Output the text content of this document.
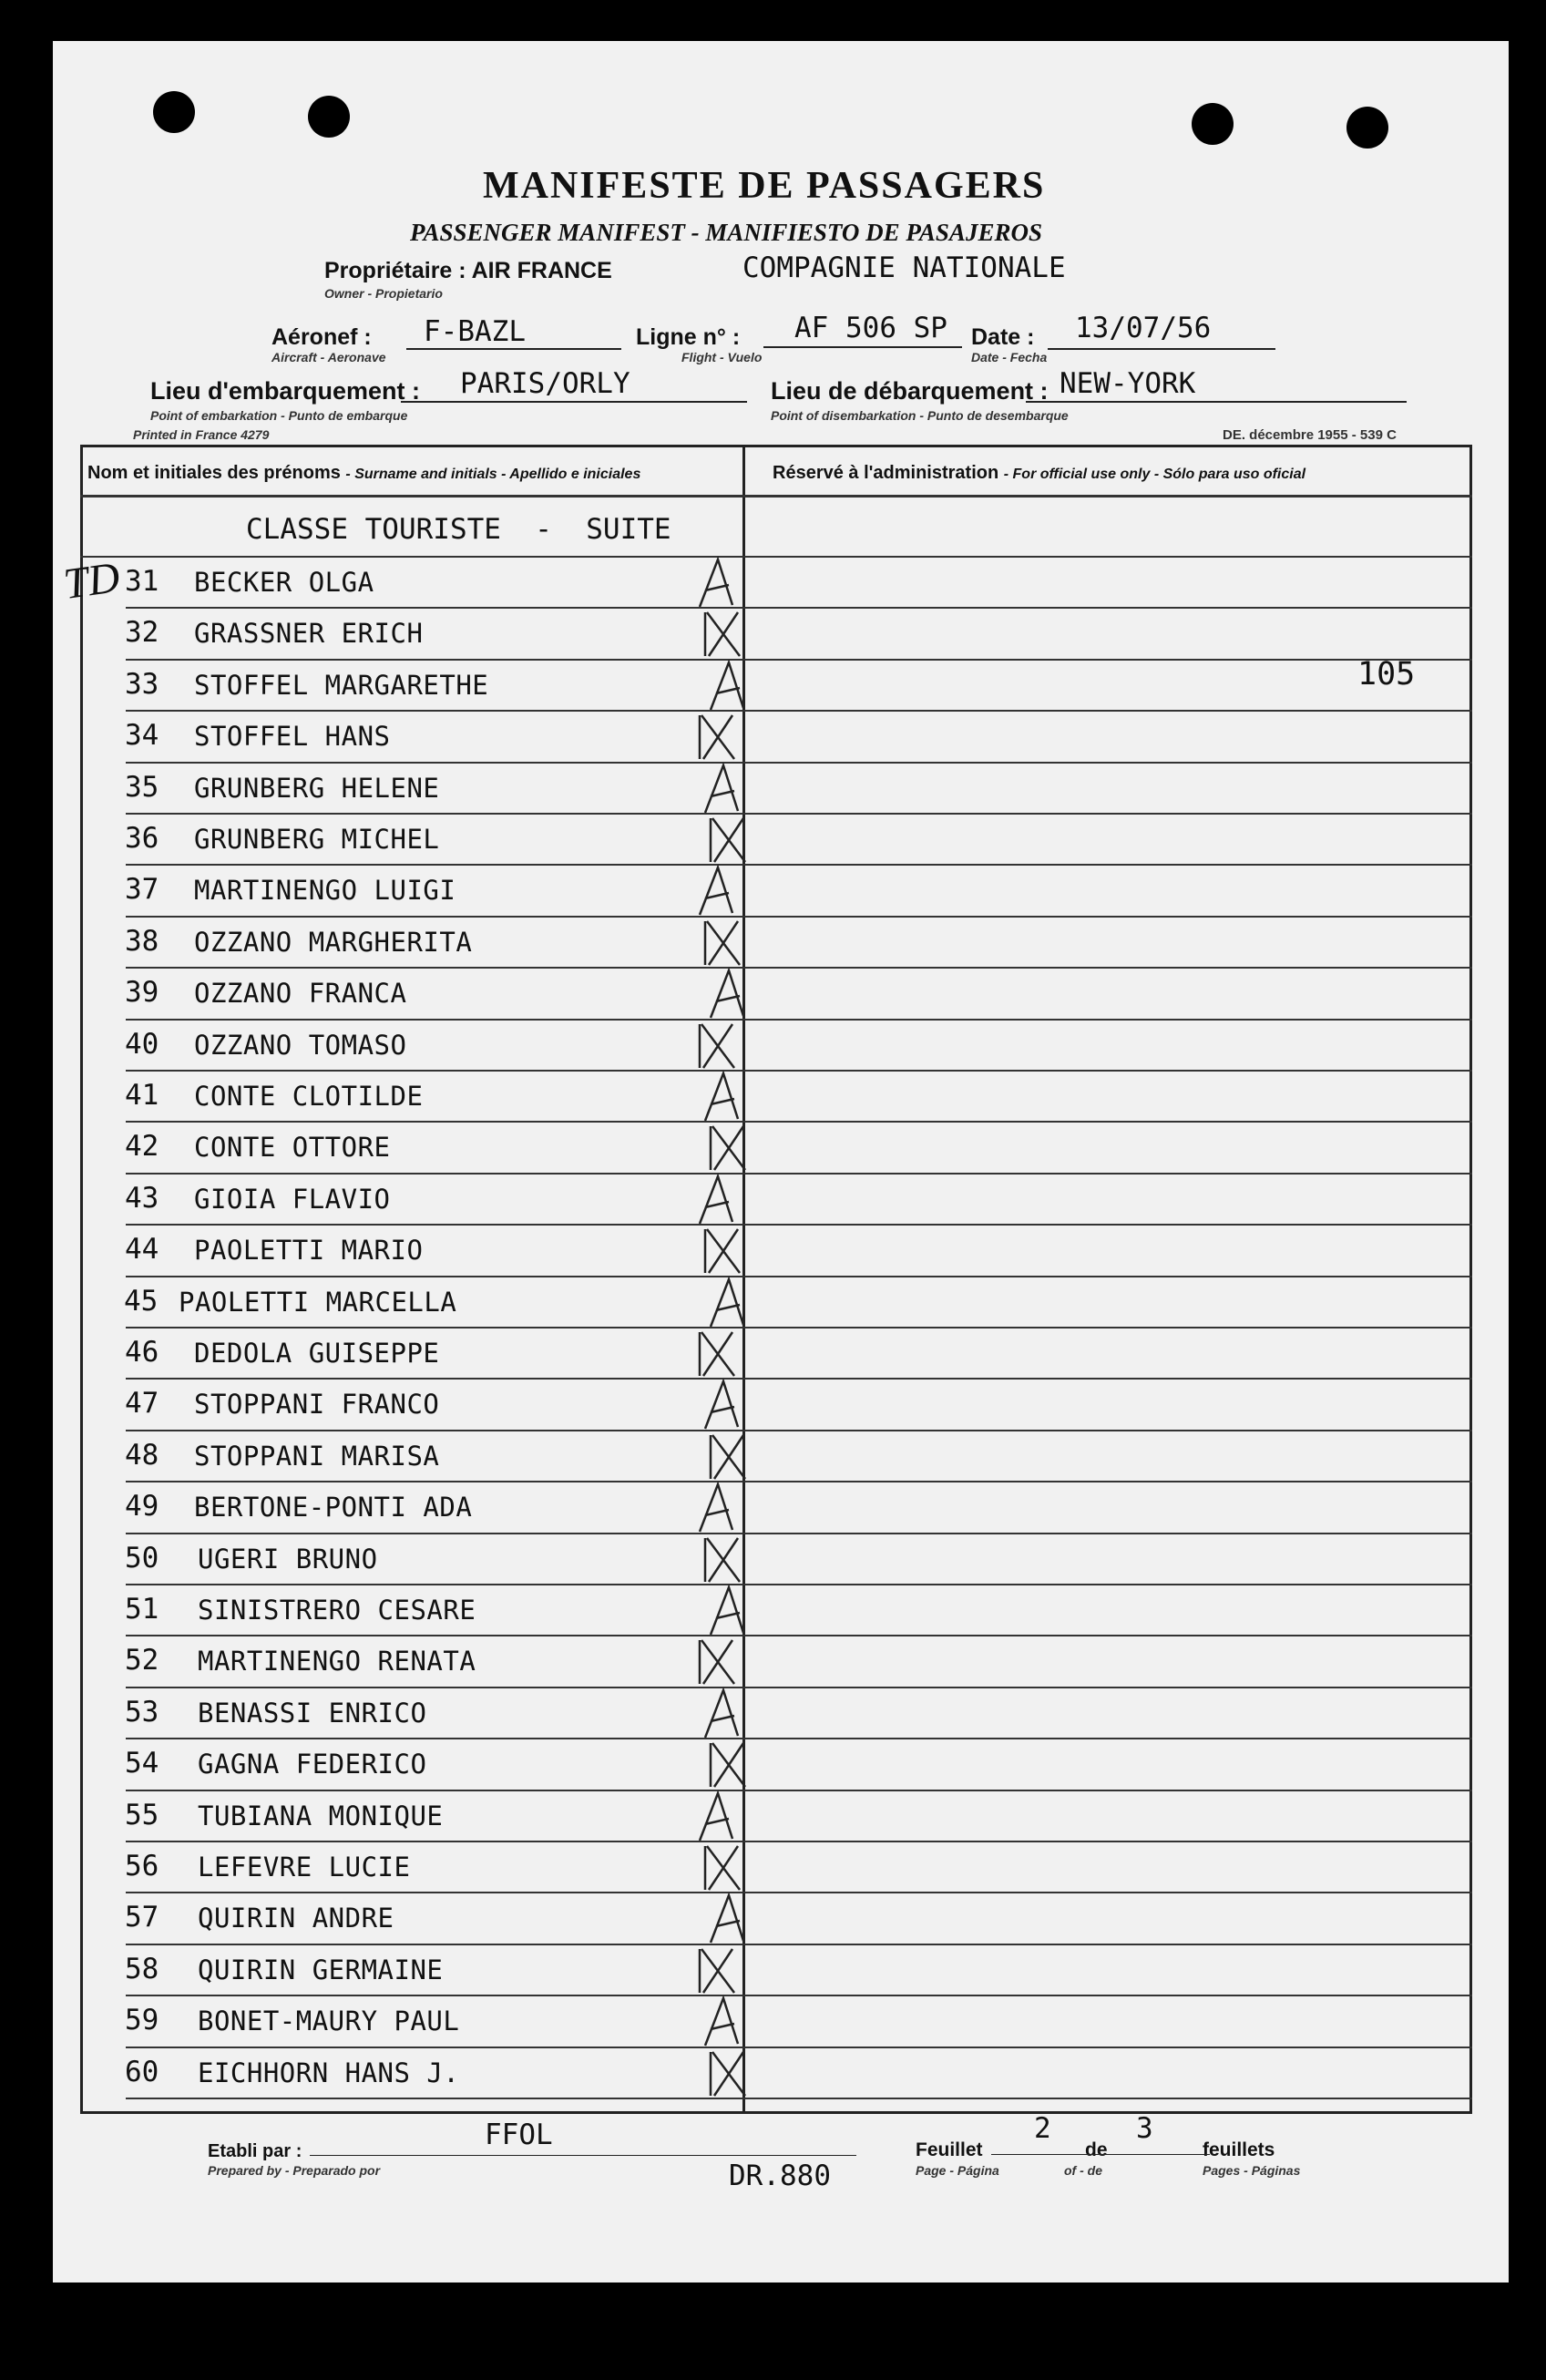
MANIFESTE DE PASSAGERS
PASSENGER MANIFEST - MANIFIESTO DE PASAJEROS
Propriétaire : AIR FRANCE
Owner - Propietario
COMPAGNIE NATIONALE
Aéronef :
Aircraft - Aeronave
F-BAZL	Ligne n° :
Flight - Vuelo
AF 506 SP Date :
Date - Fecha
13/07/56
Lieu d'embarquement :
Point of embarkation - Punto de embarque
PARIS/ORLY	Lieu de débarquement :
Point of disembarkation - Punto de desembarque
NEW-YORK
Printed in France 4279	DE. décembre 1955 - 539 C
Nom et initiales des prénoms - Surname and initials - Apellido e iniciales	Réservé à l'administration - For official use only - Sólo para uso oficial
CLASSE TOURISTE  -  SUITE
TD
105
31 BECKER OLGA
32 GRASSNER ERICH
33 STOFFEL MARGARETHE
34 STOFFEL HANS
35 GRUNBERG HELENE
36 GRUNBERG MICHEL
37 MARTINENGO LUIGI
38 OZZANO MARGHERITA
39 OZZANO FRANCA
40 OZZANO TOMASO
41 CONTE CLOTILDE
42 CONTE OTTORE
43 GIOIA FLAVIO
44 PAOLETTI MARIO
45 PAOLETTI MARCELLA
46 DEDOLA GUISEPPE
47 STOPPANI FRANCO
48 STOPPANI MARISA
49 BERTONE-PONTI ADA
50 UGERI BRUNO
51 SINISTRERO CESARE
52 MARTINENGO RENATA
53 BENASSI ENRICO
54 GAGNA FEDERICO
55 TUBIANA MONIQUE
56 LEFEVRE LUCIE
57 QUIRIN ANDRE
58 QUIRIN GERMAINE
59 BONET-MAURY PAUL
60 EICHHORN HANS J.
Etabli par :
Prepared by - Preparado por
FFOL
DR.880
Feuillet
Page - Página
2
de
of - de
3
feuillets
Pages - Páginas
